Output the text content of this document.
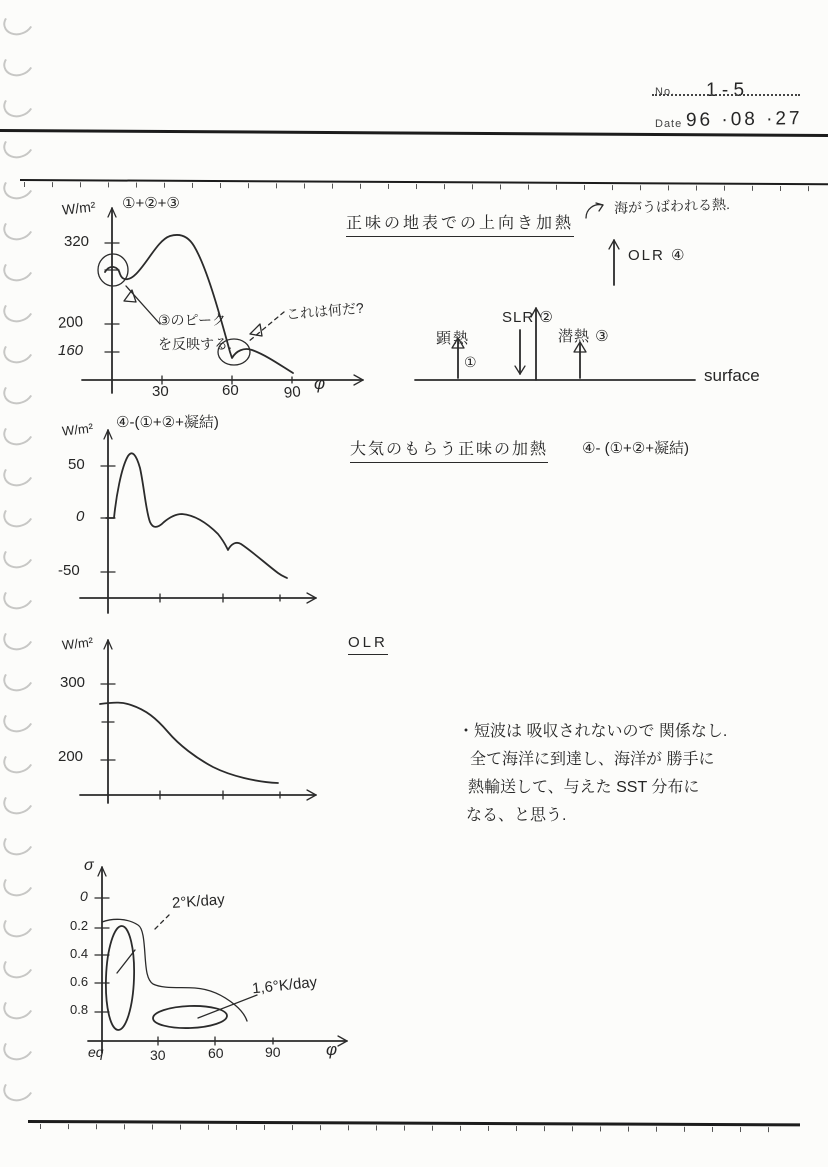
No. 1 - 5
Date 96 ·08 ·27
W/m² ①+②+③
320
200
160
30	60	90 φ
③のピーク
を反映する.
これは何だ?
正味の地表での上向き加熱
海がうばわれる熱.
OLR ④
顕熱
①
SLR ②
潜熱 ③
surface
W/m² ④-(①+②+凝結)
50
0
-50
大気のもらう正味の加熱 ④- (①+②+凝結)
W/m²
300
200
OLR
・短波は 吸収されないので 関係なし.
全て海洋に到達し、海洋が 勝手に
熱輸送して、与えた SST 分布に
なる、と思う.
σ
0
0.2
0.4
0.6
0.8
eq	30	60	90	φ
2°K/day
1,6°K/day
